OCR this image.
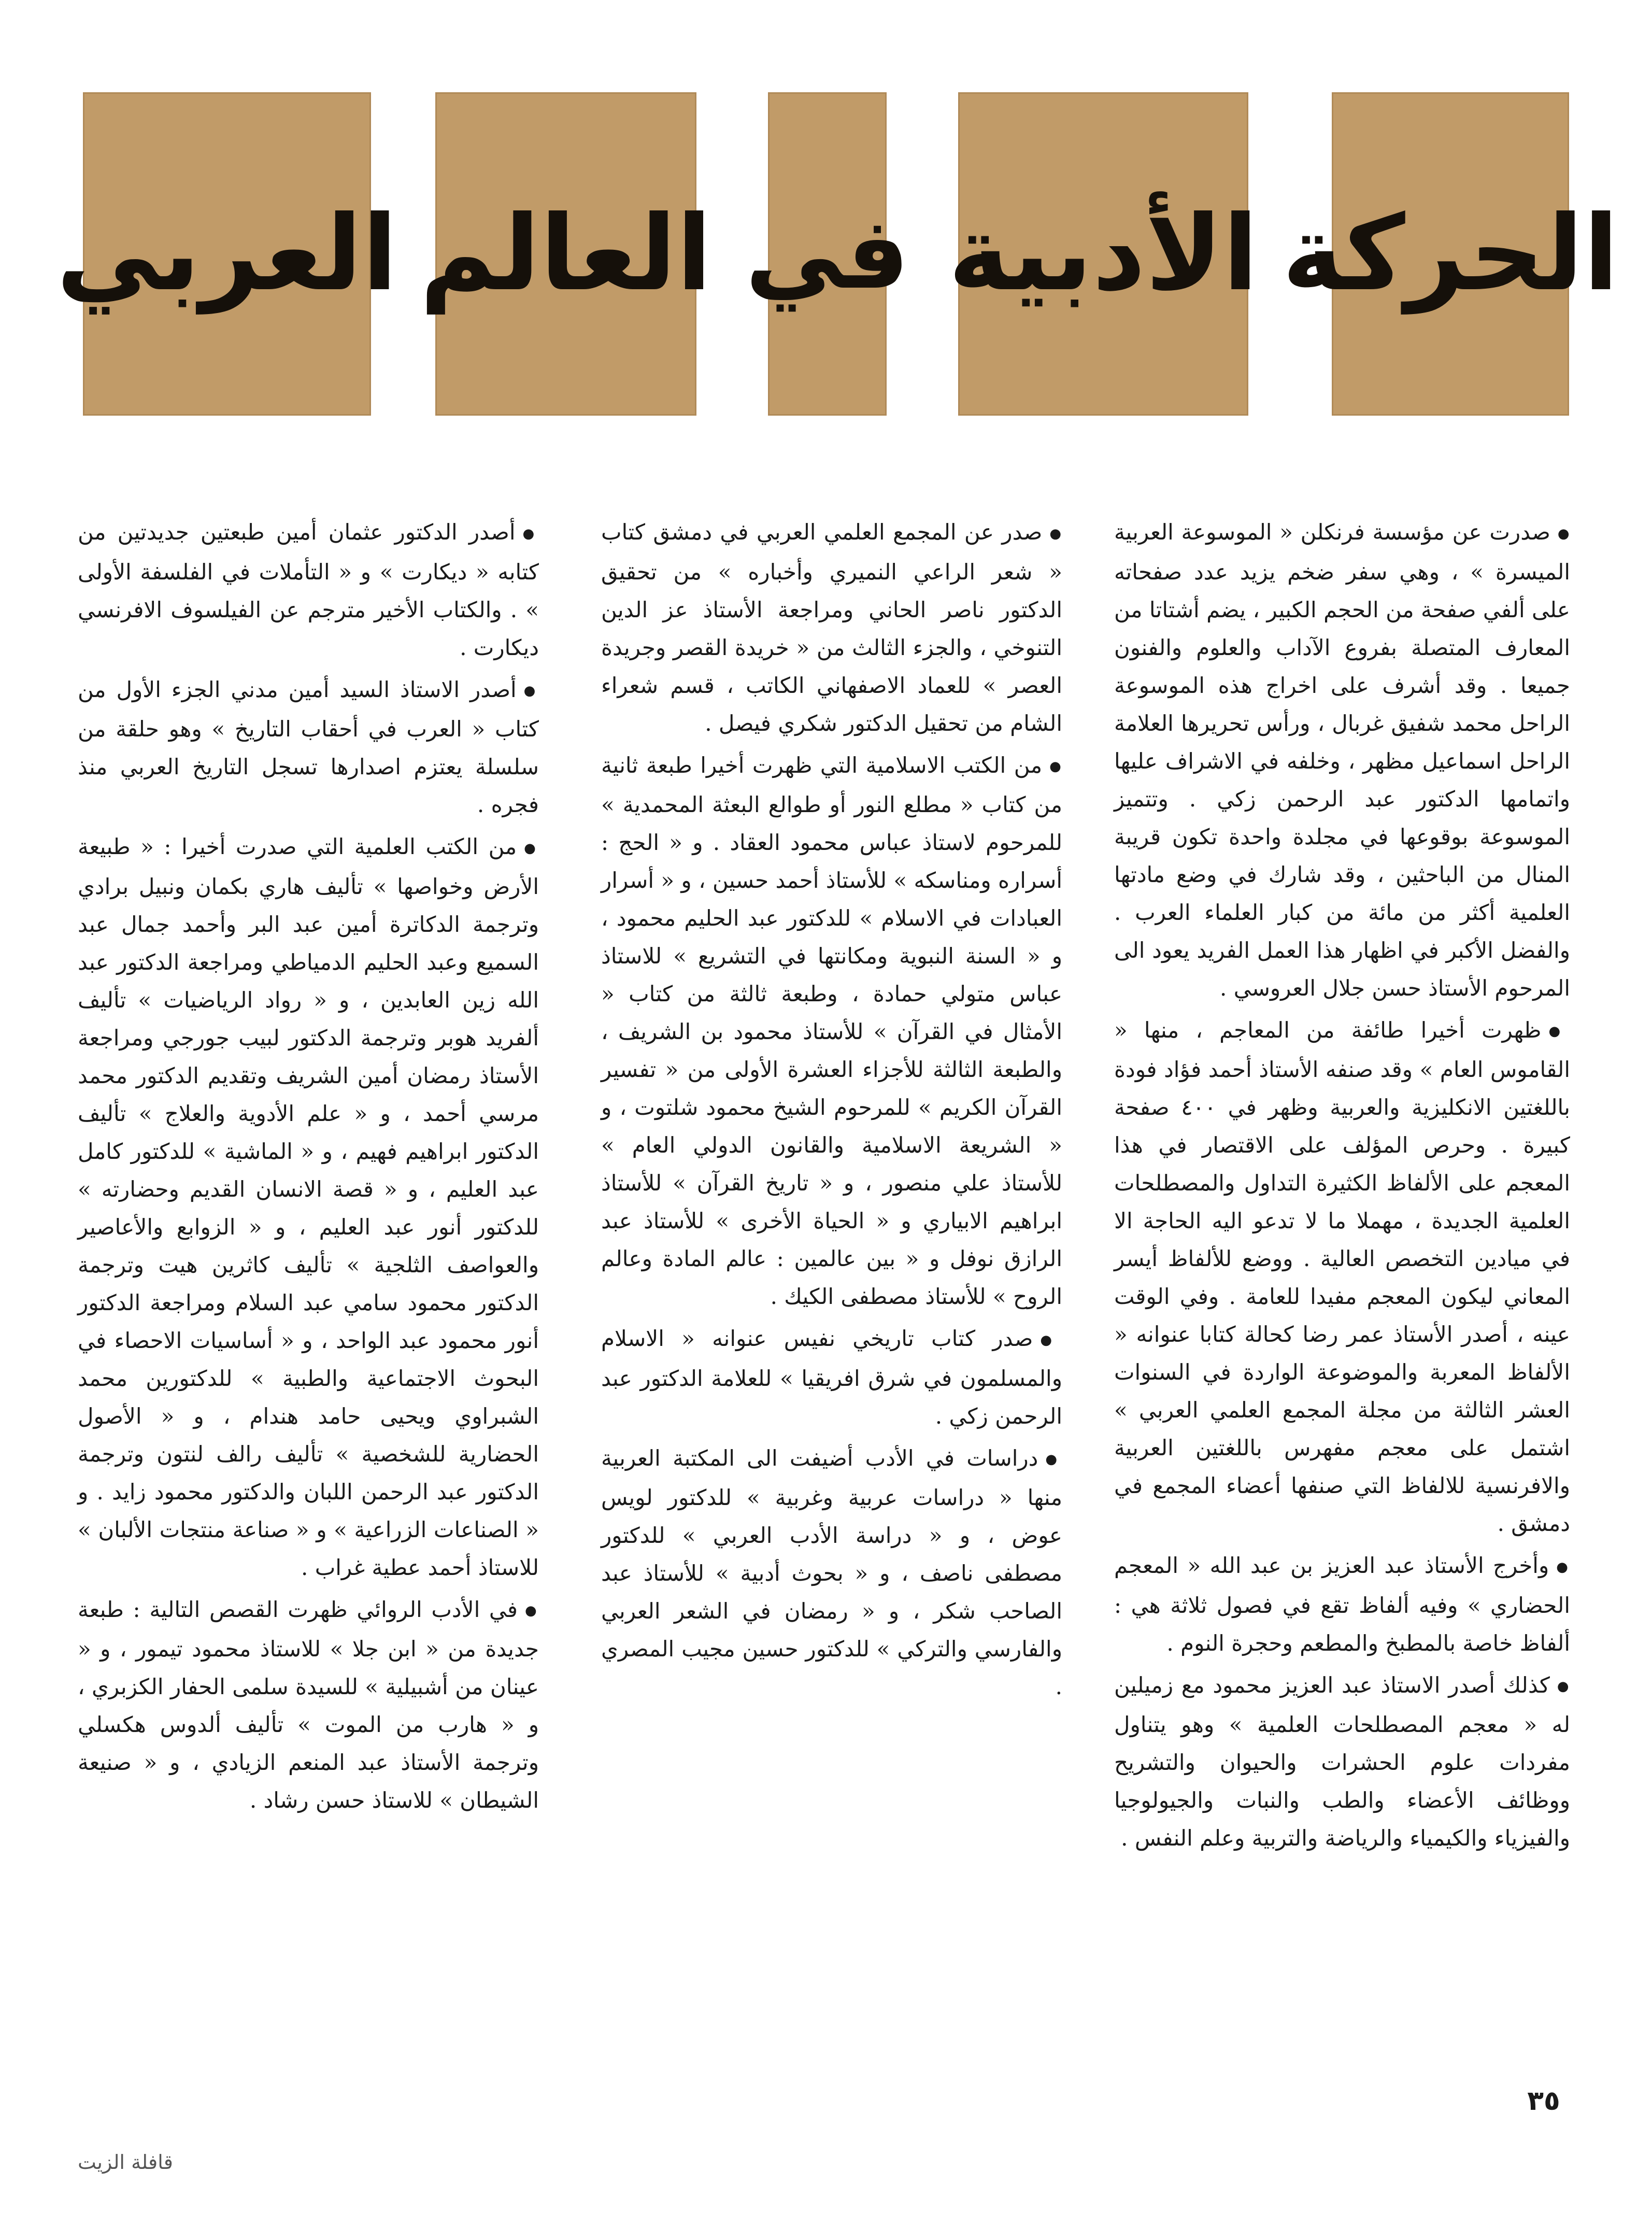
الحركة
الأدبية
في
العالم
العربي

●صدرت عن مؤسسة فرنكلن « الموسوعة العربية الميسرة » ، وهي سفر ضخم يزيد عدد صفحاته على ألفي صفحة من الحجم الكبير ، يضم أشتاتا من المعارف المتصلة بفروع الآداب والعلوم والفنون جميعا . وقد أشرف على اخراج هذه الموسوعة الراحل محمد شفيق غربال ، ورأس تحريرها العلامة الراحل اسماعيل مظهر ، وخلفه في الاشراف عليها واتمامها الدكتور عبد الرحمن زكي . وتتميز الموسوعة بوقوعها في مجلدة واحدة تكون قريبة المنال من الباحثين ، وقد شارك في وضع مادتها العلمية أكثر من مائة من كبار العلماء العرب . والفضل الأكبر في اظهار هذا العمل الفريد يعود الى المرحوم الأستاذ حسن جلال العروسي .

●ظهرت أخيرا طائفة من المعاجم ، منها « القاموس العام » وقد صنفه الأستاذ أحمد فؤاد فودة باللغتين الانكليزية والعربية وظهر في ٤٠٠ صفحة كبيرة . وحرص المؤلف على الاقتصار في هذا المعجم على الألفاظ الكثيرة التداول والمصطلحات العلمية الجديدة ، مهملا ما لا تدعو اليه الحاجة الا في ميادين التخصص العالية . ووضع للألفاظ أيسر المعاني ليكون المعجم مفيدا للعامة . وفي الوقت عينه ، أصدر الأستاذ عمر رضا كحالة كتابا عنوانه « الألفاظ المعربة والموضوعة الواردة في السنوات العشر الثالثة من مجلة المجمع العلمي العربي » اشتمل على معجم مفهرس باللغتين العربية والافرنسية للالفاظ التي صنفها أعضاء المجمع في دمشق .

●وأخرج الأستاذ عبد العزيز بن عبد الله « المعجم الحضاري » وفيه ألفاظ تقع في فصول ثلاثة هي : ألفاظ خاصة بالمطبخ والمطعم وحجرة النوم .

●كذلك أصدر الاستاذ عبد العزيز محمود مع زميلين له « معجم المصطلحات العلمية » وهو يتناول مفردات علوم الحشرات والحيوان والتشريح ووظائف الأعضاء والطب والنبات والجيولوجيا والفيزياء والكيمياء والرياضة والتربية وعلم النفس .

●صدر عن المجمع العلمي العربي في دمشق كتاب « شعر الراعي النميري وأخباره » من تحقيق الدكتور ناصر الحاني ومراجعة الأستاذ عز الدين التنوخي ، والجزء الثالث من « خريدة القصر وجريدة العصر » للعماد الاصفهاني الكاتب ، قسم شعراء الشام من تحقيل الدكتور شكري فيصل .

●من الكتب الاسلامية التي ظهرت أخيرا طبعة ثانية من كتاب « مطلع النور أو طوالع البعثة المحمدية » للمرحوم لاستاذ عباس محمود العقاد . و « الحج : أسراره ومناسكه » للأستاذ أحمد حسين ، و « أسرار العبادات في الاسلام » للدكتور عبد الحليم محمود ، و « السنة النبوية ومكانتها في التشريع » للاستاذ عباس متولي حمادة ، وطبعة ثالثة من كتاب « الأمثال في القرآن » للأستاذ محمود بن الشريف ، والطبعة الثالثة للأجزاء العشرة الأولى من « تفسير القرآن الكريم » للمرحوم الشيخ محمود شلتوت ، و « الشريعة الاسلامية والقانون الدولي العام » للأستاذ علي منصور ، و « تاريخ القرآن » للأستاذ ابراهيم الابياري و « الحياة الأخرى » للأستاذ عبد الرازق نوفل و « بين عالمين : عالم المادة وعالم الروح » للأستاذ مصطفى الكيك .

●صدر كتاب تاريخي نفيس عنوانه « الاسلام والمسلمون في شرق افريقيا » للعلامة الدكتور عبد الرحمن زكي .

●دراسات في الأدب أضيفت الى المكتبة العربية منها « دراسات عربية وغربية » للدكتور لويس عوض ، و « دراسة الأدب العربي » للدكتور مصطفى ناصف ، و « بحوث أدبية » للأستاذ عبد الصاحب شكر ، و « رمضان في الشعر العربي والفارسي والتركي » للدكتور حسين مجيب المصري .

●أصدر الدكتور عثمان أمين طبعتين جديدتين من كتابه « ديكارت » و « التأملات في الفلسفة الأولى » . والكتاب الأخير مترجم عن الفيلسوف الافرنسي ديكارت .

●أصدر الاستاذ السيد أمين مدني الجزء الأول من كتاب « العرب في أحقاب التاريخ » وهو حلقة من سلسلة يعتزم اصدارها تسجل التاريخ العربي منذ فجره .

●من الكتب العلمية التي صدرت أخيرا : « طبيعة الأرض وخواصها » تأليف هاري بكمان ونبيل برادي وترجمة الدكاترة أمين عبد البر وأحمد جمال عبد السميع وعبد الحليم الدمياطي ومراجعة الدكتور عبد الله زين العابدين ، و « رواد الرياضيات » تأليف ألفريد هوبر وترجمة الدكتور لبيب جورجي ومراجعة الأستاذ رمضان أمين الشريف وتقديم الدكتور محمد مرسي أحمد ، و « علم الأدوية والعلاج » تأليف الدكتور ابراهيم فهيم ، و « الماشية » للدكتور كامل عبد العليم ، و « قصة الانسان القديم وحضارته » للدكتور أنور عبد العليم ، و « الزوابع والأعاصير والعواصف الثلجية » تأليف كاثرين هيت وترجمة الدكتور محمود سامي عبد السلام ومراجعة الدكتور أنور محمود عبد الواحد ، و « أساسيات الاحصاء في البحوث الاجتماعية والطبية » للدكتورين محمد الشبراوي ويحيى حامد هندام ، و « الأصول الحضارية للشخصية » تأليف رالف لنتون وترجمة الدكتور عبد الرحمن اللبان والدكتور محمود زايد . و « الصناعات الزراعية » و « صناعة منتجات الألبان » للاستاذ أحمد عطية غراب .

●في الأدب الروائي ظهرت القصص التالية : طبعة جديدة من « ابن جلا » للاستاذ محمود تيمور ، و « عينان من أشبيلية » للسيدة سلمى الحفار الكزبري ، و « هارب من الموت » تأليف ألدوس هكسلي وترجمة الأستاذ عبد المنعم الزيادي ، و « صنيعة الشيطان » للاستاذ حسن رشاد .

٣٥
قافلة الزيت
